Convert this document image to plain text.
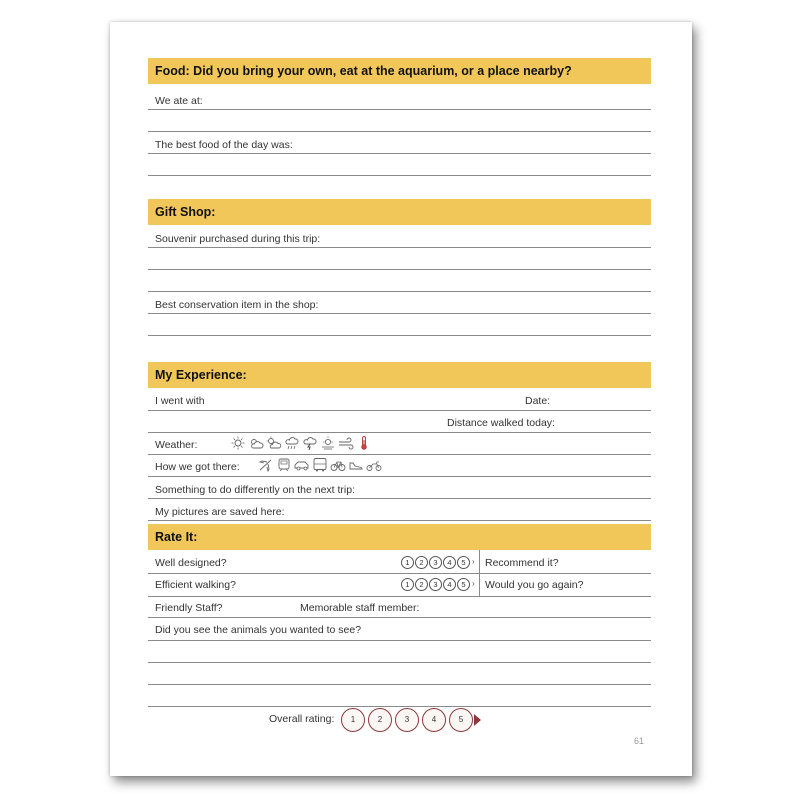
Food: Did you bring your own, eat at the aquarium, or a place nearby?
We ate at:
The best food of the day was:
Gift Shop:
Souvenir purchased during this trip:
Best conservation item in the shop:
My Experience:
I went with	Date:
Distance walked today:
Weather:
How we got there:
Something to do differently on the next trip:
My pictures are saved here:
Rate It:
Well designed?	1	2	3	4	5 › Recommend it?
Efficient walking?	1	2	3	4	5 › Would you go again?
Friendly Staff?	Memorable staff member:
Did you see the animals you wanted to see?
Overall rating:	1	2	3	4	5
61
